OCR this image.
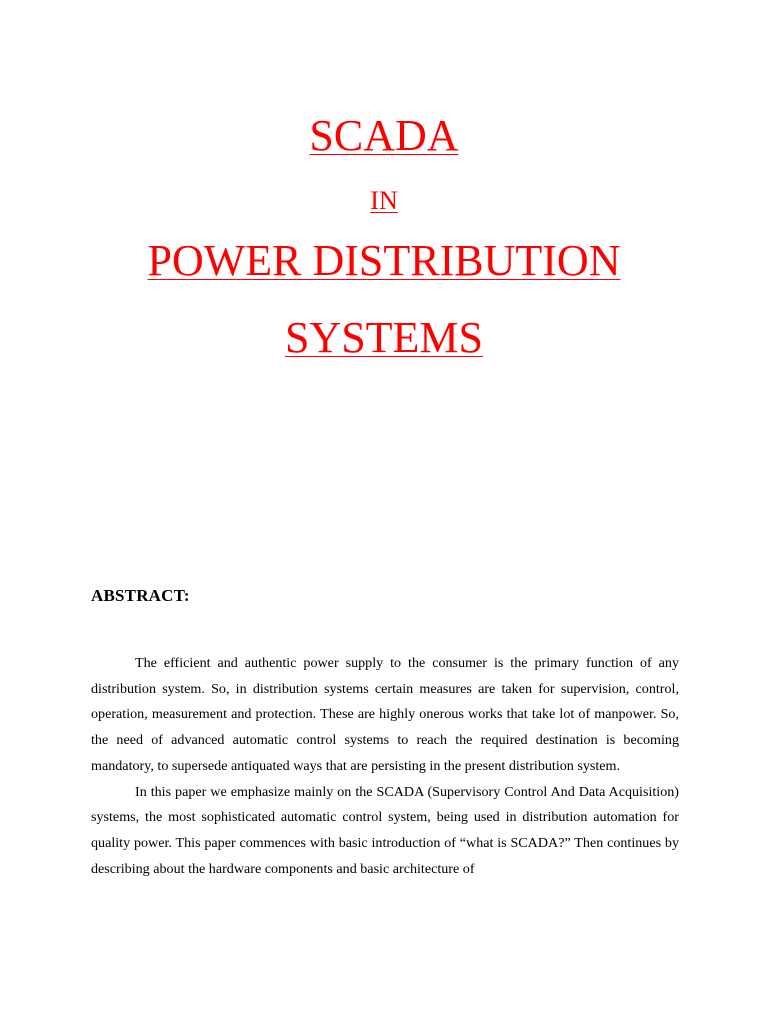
SCADA
IN
POWER DISTRIBUTION
SYSTEMS
ABSTRACT:

The efficient and authentic power supply to the consumer is the primary function of any distribution system. So, in distribution systems certain measures are taken for supervision, control, operation, measurement and protection. These are highly onerous works that take lot of manpower. So, the need of advanced automatic control systems to reach the required destination is becoming mandatory, to supersede antiquated ways that are persisting in the present distribution system.

In this paper we emphasize mainly on the SCADA (Supervisory Control And Data Acquisition) systems, the most sophisticated automatic control system, being used in distribution automation for quality power. This paper commences with basic introduction of “what is SCADA?” Then continues by describing about the hardware components and basic architecture of
